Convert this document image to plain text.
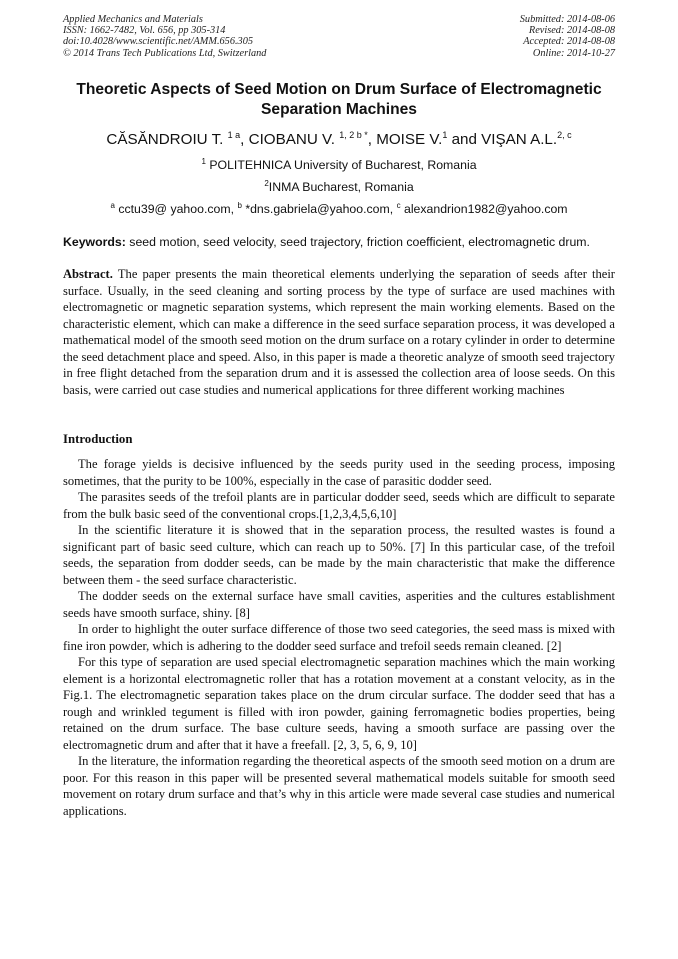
Applied Mechanics and Materials
ISSN: 1662-7482, Vol. 656, pp 305-314
doi:10.4028/www.scientific.net/AMM.656.305
© 2014 Trans Tech Publications Ltd, Switzerland
Submitted: 2014-08-06
Revised: 2014-08-08
Accepted: 2014-08-08
Online: 2014-10-27
Theoretic Aspects of Seed Motion on Drum Surface of Electromagnetic Separation Machines
CĂSĂNDROIU T. $^{1 a}$, CIOBANU V. $^{1, 2 b *}$, MOISE V.$^1$ and VIŞAN A.L.$^{2, c}$
$^1$ POLITEHNICA University of Bucharest, Romania
$^2$INMA Bucharest, Romania
$^a$ cctu39@ yahoo.com, $^b$ *dns.gabriela@yahoo.com, $^c$ alexandrion1982@yahoo.com
Keywords: seed motion, seed velocity, seed trajectory, friction coefficient, electromagnetic drum.
Abstract. The paper presents the main theoretical elements underlying the separation of seeds after their surface. Usually, in the seed cleaning and sorting process by the type of surface are used machines with electromagnetic or magnetic separation systems, which represent the main working elements. Based on the characteristic element, which can make a difference in the seed surface separation process, it was developed a mathematical model of the smooth seed motion on the drum surface on a rotary cylinder in order to determine the seed detachment place and speed. Also, in this paper is made a theoretic analyze of smooth seed trajectory in free flight detached from the separation drum and it is assessed the collection area of loose seeds. On this basis, were carried out case studies and numerical applications for three different working machines
Introduction

The forage yields is decisive influenced by the seeds purity used in the seeding process, imposing sometimes, that the purity to be 100%, especially in the case of parasitic dodder seed.

The parasites seeds of the trefoil plants are in particular dodder seed, seeds which are difficult to separate from the bulk basic seed of the conventional crops.[1,2,3,4,5,6,10]

In the scientific literature it is showed that in the separation process, the resulted wastes is found a significant part of basic seed culture, which can reach up to 50%. [7] In this particular case, of the trefoil seeds, the separation from dodder seeds, can be made by the main characteristic that make the difference between them - the seed surface characteristic.

The dodder seeds on the external surface have small cavities, asperities and the cultures establishment seeds have smooth surface, shiny. [8]

In order to highlight the outer surface difference of those two seed categories, the seed mass is mixed with fine iron powder, which is adhering to the dodder seed surface and trefoil seeds remain cleaned. [2]

For this type of separation are used special electromagnetic separation machines which the main working element is a horizontal electromagnetic roller that has a rotation movement at a constant velocity, as in the Fig.1. The electromagnetic separation takes place on the drum circular surface. The dodder seed that has a rough and wrinkled tegument is filled with iron powder, gaining ferromagnetic bodies properties, being retained on the drum surface. The base culture seeds, having a smooth surface are passing over the electromagnetic drum and after that it have a freefall. [2, 3, 5, 6, 9, 10]

In the literature, the information regarding the theoretical aspects of the smooth seed motion on a drum are poor. For this reason in this paper will be presented several mathematical models suitable for smooth seed movement on rotary drum surface and that’s why in this article were made several case studies and numerical applications.
